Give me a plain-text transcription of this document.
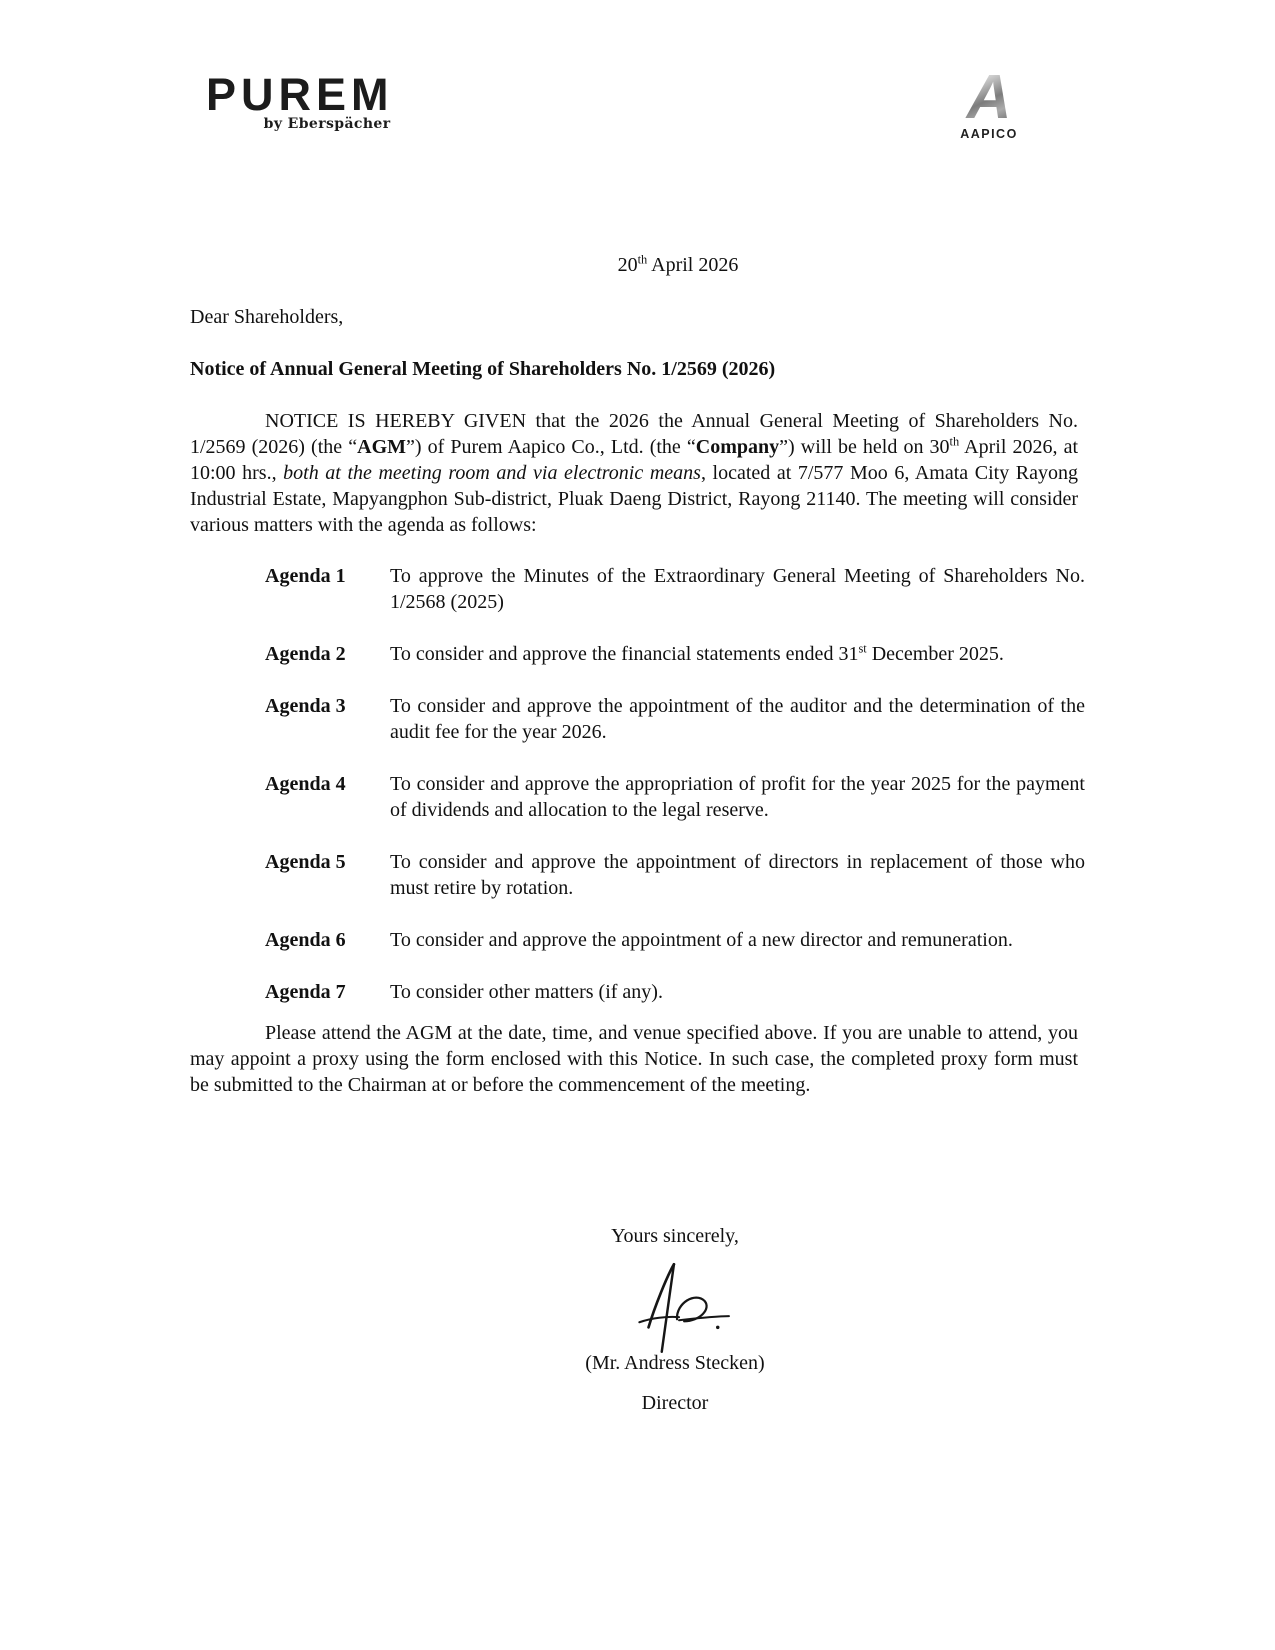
PUREM
by Eberspächer	A
AAPICO
20th April 2026
Dear Shareholders,
Notice of Annual General Meeting of Shareholders No. 1/2569 (2026)
NOTICE IS HEREBY GIVEN that the 2026 the Annual General Meeting of Shareholders No. 1/2569 (2026) (the “AGM”) of Purem Aapico Co., Ltd. (the “Company”) will be held on 30th April 2026, at 10:00 hrs., both at the meeting room and via electronic means, located at 7/577 Moo 6, Amata City Rayong Industrial Estate, Mapyangphon Sub-district, Pluak Daeng District, Rayong 21140. The meeting will consider various matters with the agenda as follows:
Agenda 1	To approve the Minutes of the Extraordinary General Meeting of Shareholders No. 1/2568 (2025)
Agenda 2	To consider and approve the financial statements ended 31st December 2025.
Agenda 3	To consider and approve the appointment of the auditor and the determination of the audit fee for the year 2026.
Agenda 4	To consider and approve the appropriation of profit for the year 2025 for the payment of dividends and allocation to the legal reserve.
Agenda 5	To consider and approve the appointment of directors in replacement of those who must retire by rotation.
Agenda 6	To consider and approve the appointment of a new director and remuneration.
Agenda 7	To consider other matters (if any).
Please attend the AGM at the date, time, and venue specified above. If you are unable to attend, you may appoint a proxy using the form enclosed with this Notice. In such case, the completed proxy form must be submitted to the Chairman at or before the commencement of the meeting.
Yours sincerely,
(Mr. Andress Stecken)
Director
